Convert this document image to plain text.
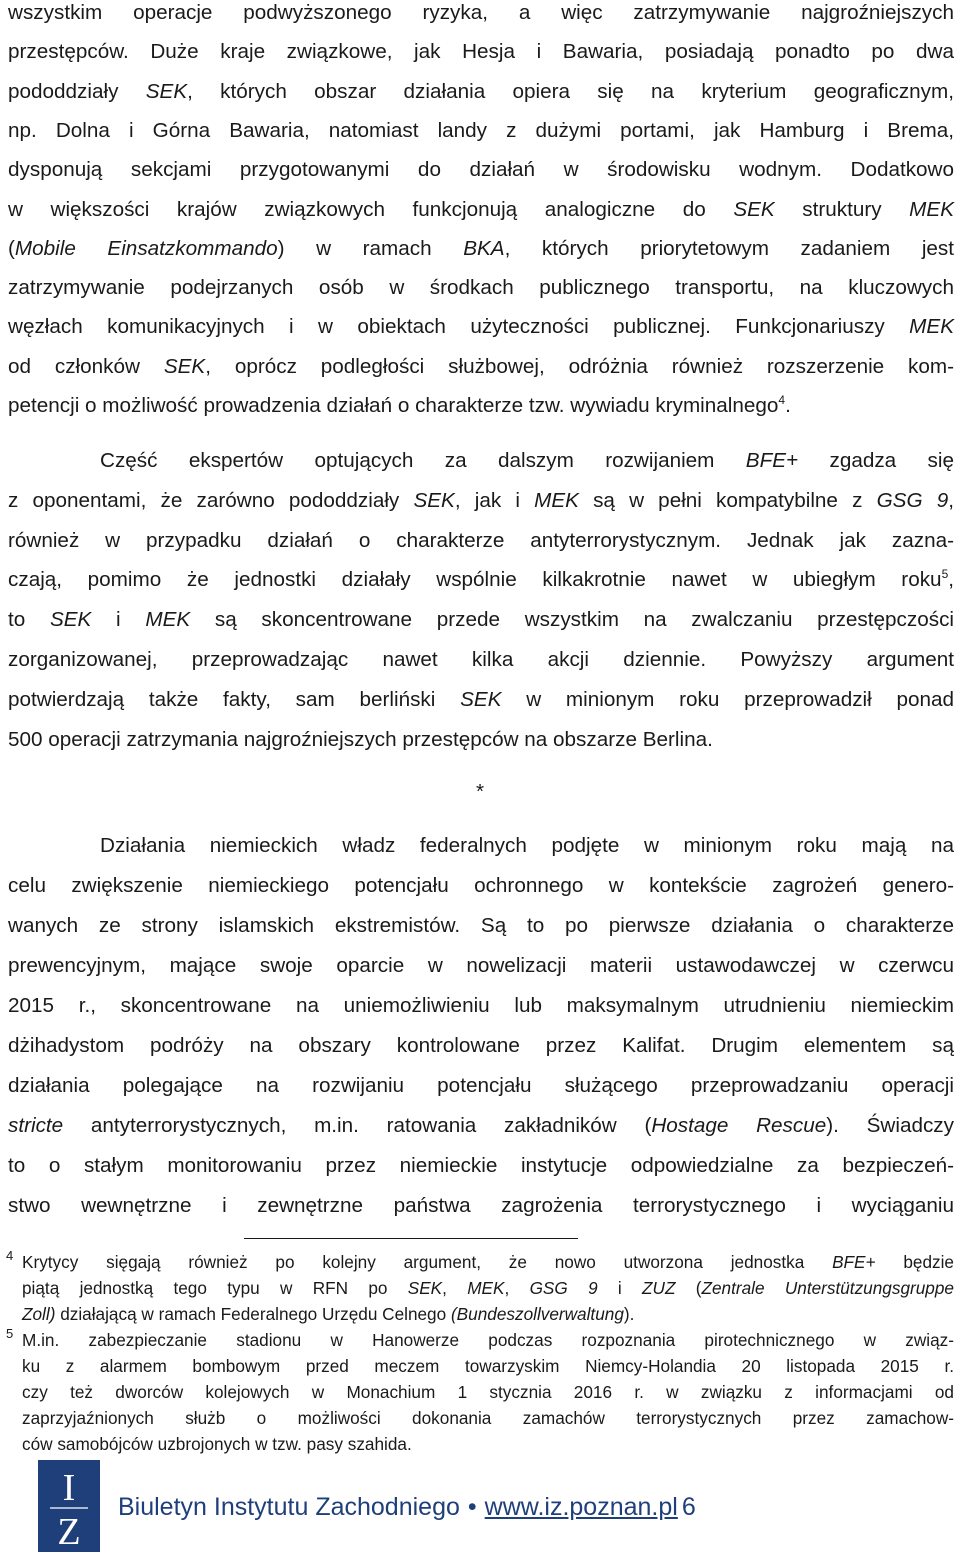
wszystkim operacje podwyższonego ryzyka, a więc zatrzymywanie najgroźniejszych
przestępców. Duże kraje związkowe, jak Hesja i Bawaria, posiadają ponadto po dwa
pododdziały SEK, których obszar działania opiera się na kryterium geograficznym,
np. Dolna i Górna Bawaria, natomiast landy z dużymi portami, jak Hamburg i Brema,
dysponują sekcjami przygotowanymi do działań w środowisku wodnym. Dodatkowo
w większości krajów związkowych funkcjonują analogiczne do SEK struktury MEK
(Mobile Einsatzkommando) w ramach BKA, których priorytetowym zadaniem jest
zatrzymywanie podejrzanych osób w środkach publicznego transportu, na kluczowych
węzłach komunikacyjnych i w obiektach użyteczności publicznej. Funkcjonariuszy MEK
od członków SEK, oprócz podległości służbowej, odróżnia również rozszerzenie kom-
petencji o możliwość prowadzenia działań o charakterze tzw. wywiadu kryminalnego$^4$.
Część ekspertów optujących za dalszym rozwijaniem BFE+ zgadza się
z oponentami, że zarówno pododdziały SEK, jak i MEK są w pełni kompatybilne z GSG 9,
również w przypadku działań o charakterze antyterrorystycznym. Jednak jak zazna-
czają, pomimo że jednostki działały wspólnie kilkakrotnie nawet w ubiegłym roku$^5$,
to SEK i MEK są skoncentrowane przede wszystkim na zwalczaniu przestępczości
zorganizowanej, przeprowadzając nawet kilka akcji dziennie. Powyższy argument
potwierdzają także fakty, sam berliński SEK w minionym roku przeprowadził ponad
500 operacji zatrzymania najgroźniejszych przestępców na obszarze Berlina.
*
Działania niemieckich władz federalnych podjęte w minionym roku mają na
celu zwiększenie niemieckiego potencjału ochronnego w kontekście zagrożeń genero-
wanych ze strony islamskich ekstremistów. Są to po pierwsze działania o charakterze
prewencyjnym, mające swoje oparcie w nowelizacji materii ustawodawczej w czerwcu
2015 r., skoncentrowane na uniemożliwieniu lub maksymalnym utrudnieniu niemieckim
dżihadystom podróży na obszary kontrolowane przez Kalifat. Drugim elementem są
działania polegające na rozwijaniu potencjału służącego przeprowadzaniu operacji
stricte antyterrorystycznych, m.in. ratowania zakładników (Hostage Rescue). Świadczy
to o stałym monitorowaniu przez niemieckie instytucje odpowiedzialne za bezpieczeń-
stwo wewnętrzne i zewnętrzne państwa zagrożenia terrorystycznego i wyciąganiu
4 Krytycy sięgają również po kolejny argument, że nowo utworzona jednostka BFE+ będzie
piątą jednostką tego typu w RFN po SEK, MEK, GSG 9 i ZUZ (Zentrale Unterstützungsgruppe
Zoll) działającą w ramach Federalnego Urzędu Celnego (Bundeszollverwaltung).
5 M.in. zabezpieczanie stadionu w Hanowerze podczas rozpoznania pirotechnicznego w związ-
ku z alarmem bombowym przed meczem towarzyskim Niemcy-Holandia 20 listopada 2015 r.
czy też dworców kolejowych w Monachium 1 stycznia 2016 r. w związku z informacjami od
zaprzyjaźnionych służb o możliwości dokonania zamachów terrorystycznych przez zamachow-
ców samobójców uzbrojonych w tzw. pasy szahida.
I
Z
Biuletyn Instytutu Zachodniego • www.iz.poznan.pl 6
